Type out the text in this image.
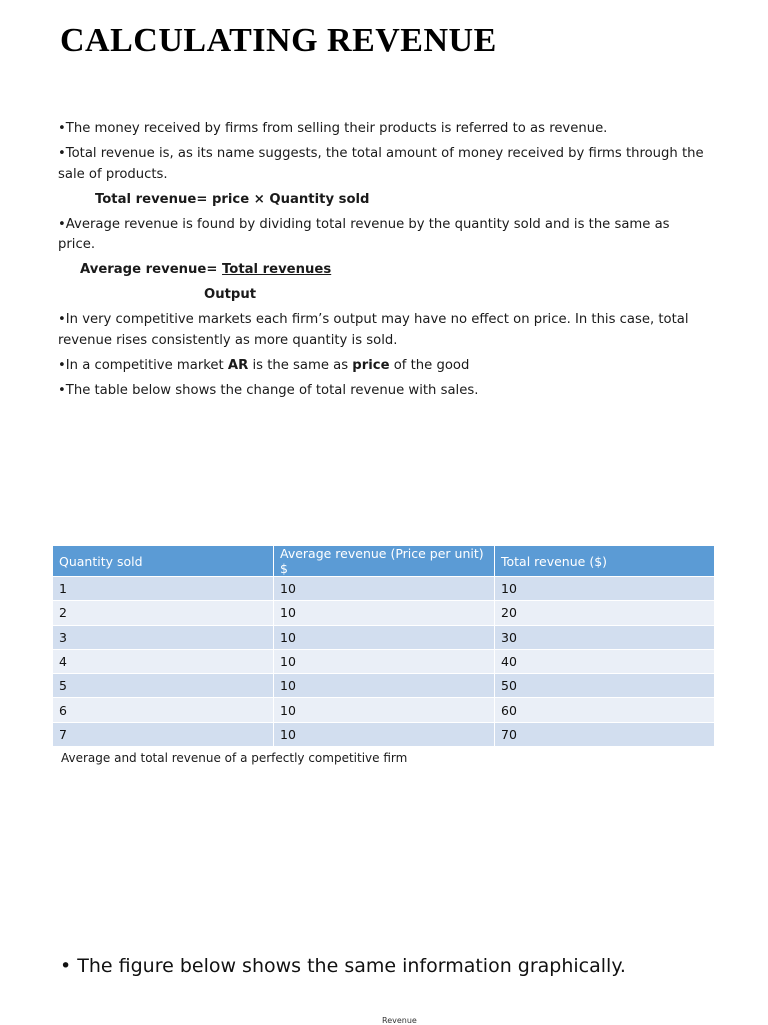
CALCULATING REVENUE

•The money received by firms from selling their products is referred to as revenue.

•Total revenue is, as its name suggests, the total amount of money received by firms through the sale of products.

Total revenue= price × Quantity sold

•Average revenue is found by dividing total revenue by the quantity sold and is the same as price.

Average revenue= Total revenues

Output

•In very competitive markets each firm’s output may have no effect on price. In this case, total revenue rises consistently as more quantity is sold.

•In a competitive market AR is the same as price of the good

•The table below shows the change of total revenue with sales.

Quantity sold	Average revenue (Price per unit) $	Total revenue ($)
1	10	10
2	10	20
3	10	30
4	10	40
5	10	50
6	10	60
7	10	70
Average and total revenue of a perfectly competitive firm
• The figure below shows the same information graphically.
Revenue
